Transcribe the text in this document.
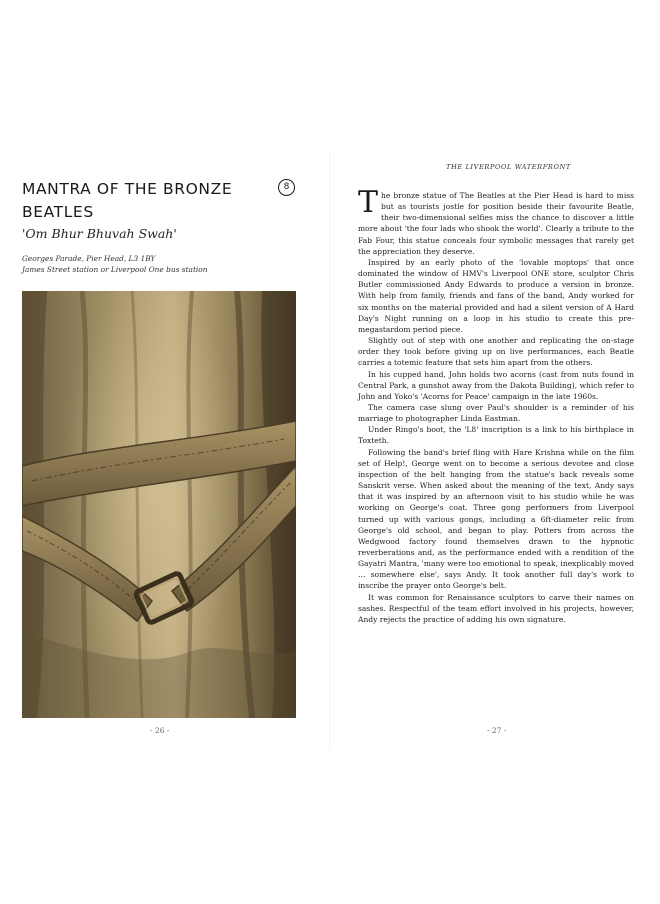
MANTRA OF THE BRONZE BEATLES
8
'Om Bhur Bhuvah Swah'
Georges Parade, Pier Head, L3 1BY
James Street station or Liverpool One bus station
- 26 -
THE LIVERPOOL WATERFRONT

The bronze statue of The Beatles at the Pier Head is hard to miss but as tourists jostle for position beside their favourite Beatle, their two-dimensional selfies miss the chance to discover a little more about 'the four lads who shook the world'. Clearly a tribute to the Fab Four, this statue conceals four symbolic messages that rarely get the appreciation they deserve.

Inspired by an early photo of the 'lovable moptops' that once dominated the window of HMV's Liverpool ONE store, sculptor Chris Butler commissioned Andy Edwards to produce a version in bronze. With help from family, friends and fans of the band, Andy worked for six months on the material provided and had a silent version of A Hard Day's Night running on a loop in his studio to create this pre-megastardom period piece.

Slightly out of step with one another and replicating the on-stage order they took before giving up on live performances, each Beatle carries a totemic feature that sets him apart from the others.

In his cupped hand, John holds two acorns (cast from nuts found in Central Park, a gunshot away from the Dakota Building), which refer to John and Yoko's 'Acorns for Peace' campaign in the late 1960s.

The camera case slung over Paul's shoulder is a reminder of his marriage to photographer Linda Eastman.

Under Ringo's boot, the 'L8' inscription is a link to his birthplace in Toxteth.

Following the band's brief fling with Hare Krishna while on the film set of Help!, George went on to become a serious devotee and close inspection of the belt hanging from the statue's back reveals some Sanskrit verse. When asked about the meaning of the text, Andy says that it was inspired by an afternoon visit to his studio while he was working on George's coat. Three gong performers from Liverpool turned up with various gongs, including a 6ft-diameter relic from George's old school, and began to play. Potters from across the Wedgwood factory found themselves drawn to the hypnotic reverberations and, as the performance ended with a rendition of the Gayatri Mantra, 'many were too emotional to speak, inexplicably moved … somewhere else', says Andy. It took another full day's work to inscribe the prayer onto George's belt.

It was common for Renaissance sculptors to carve their names on sashes. Respectful of the team effort involved in his projects, however, Andy rejects the practice of adding his own signature.

- 27 -
